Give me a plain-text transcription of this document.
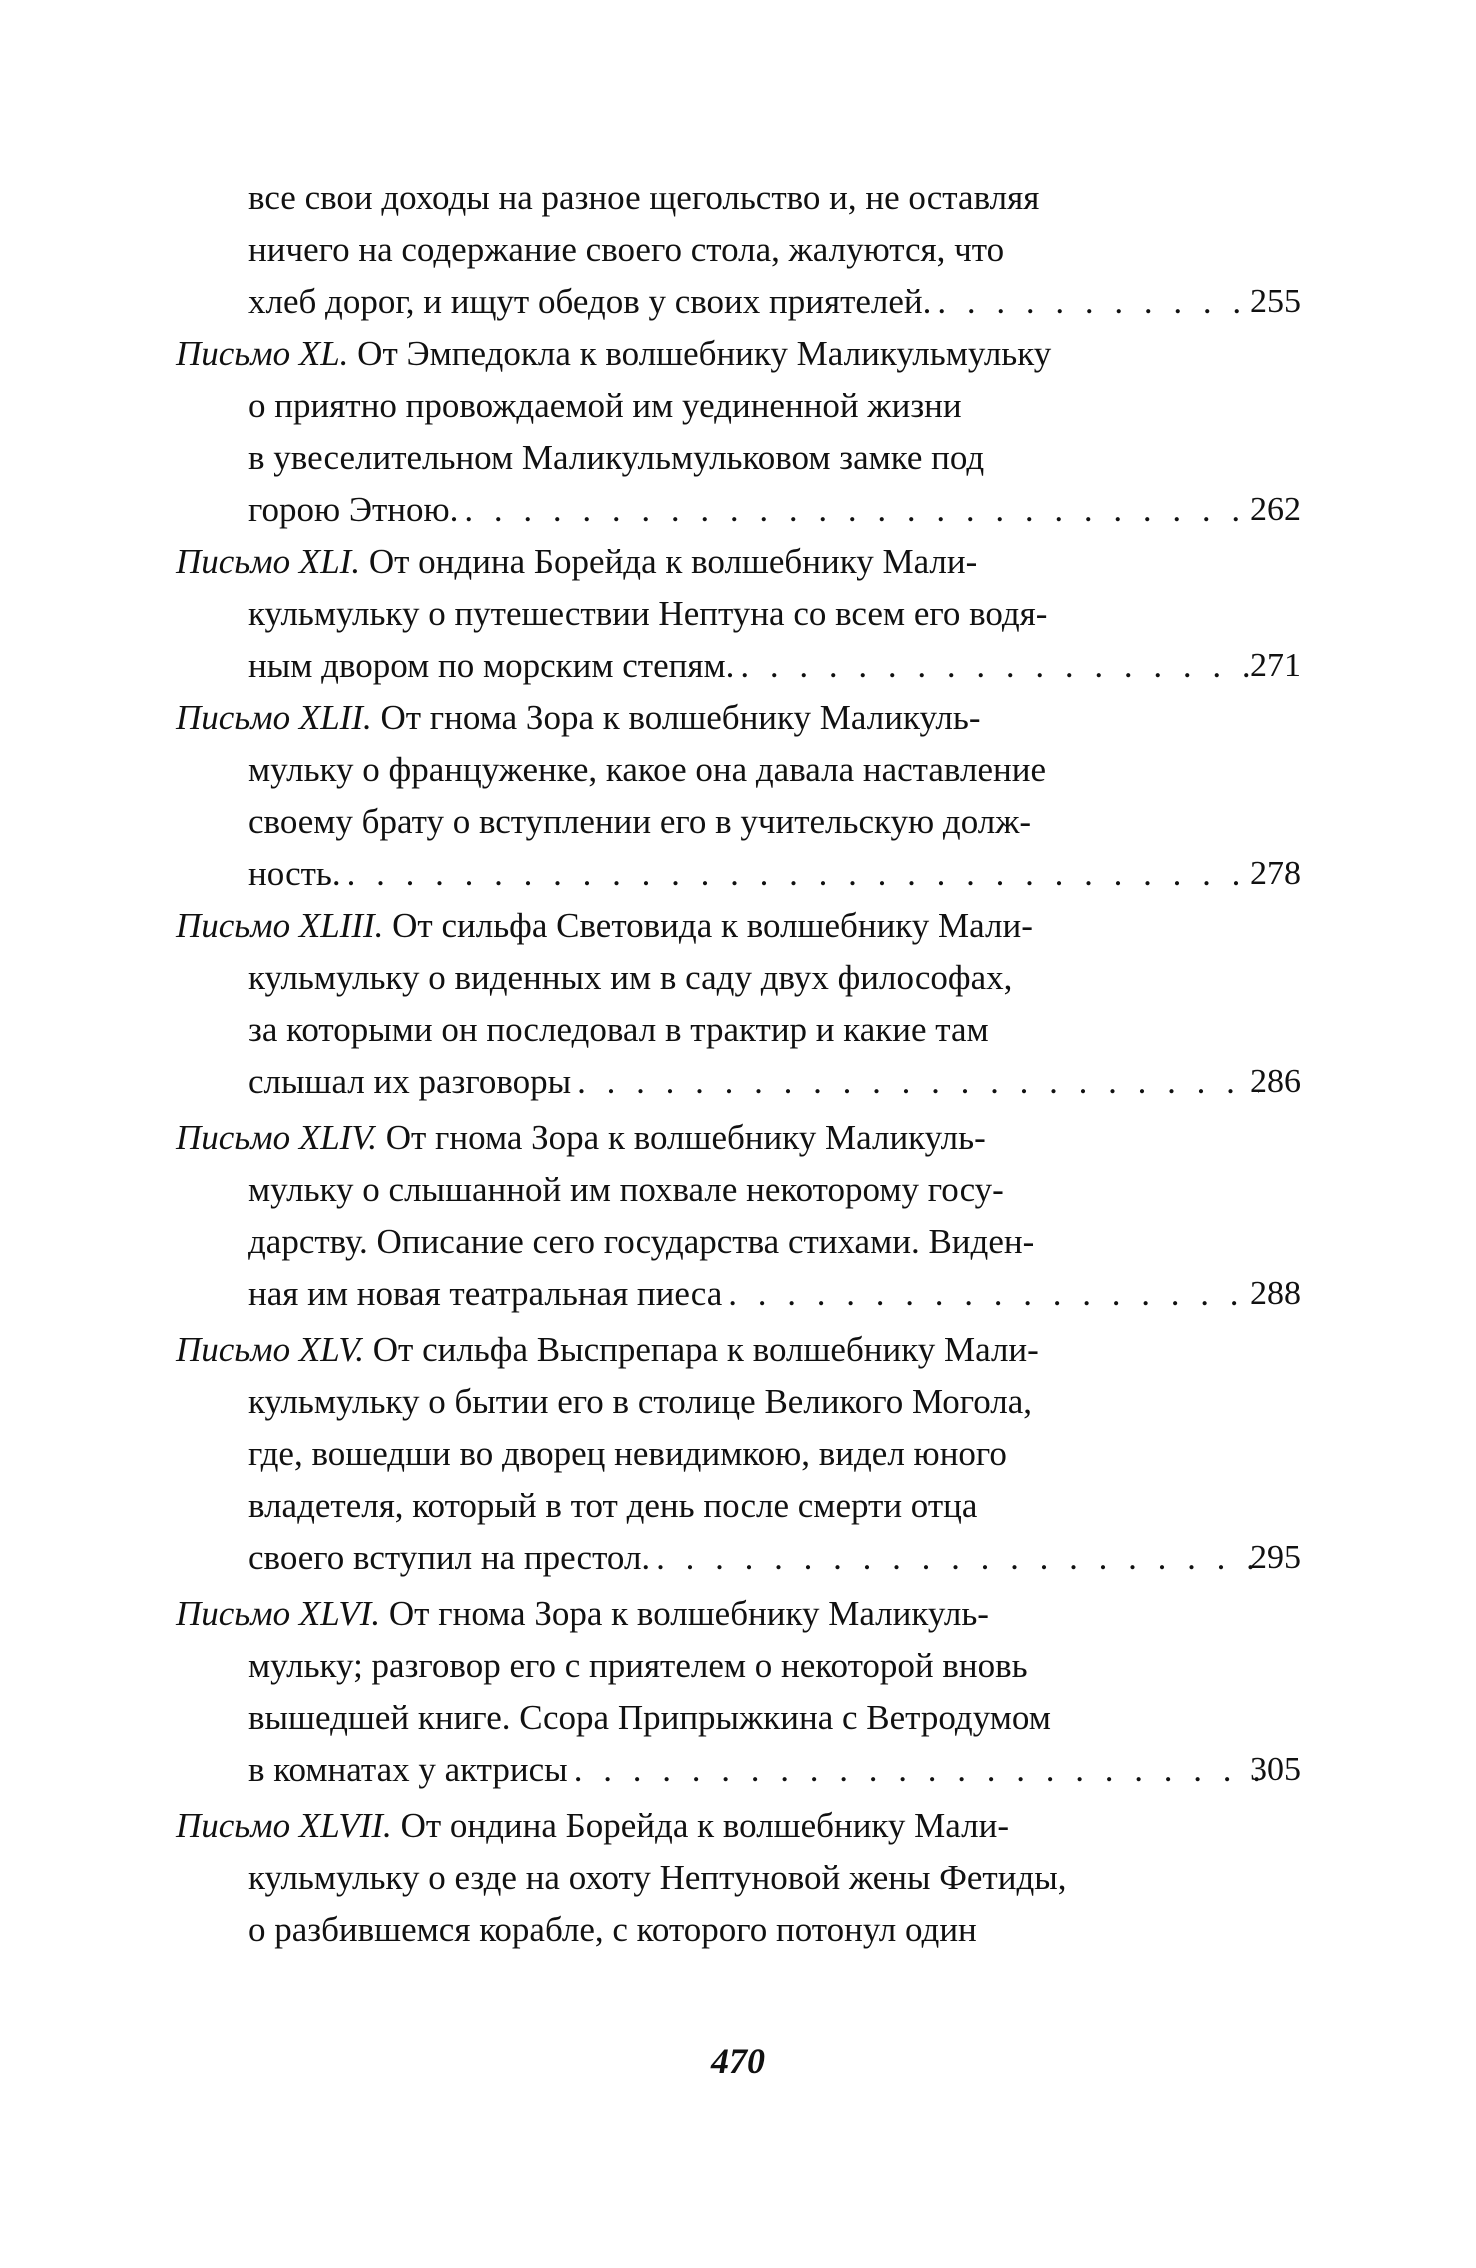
все свои доходы на разное щегольство и, не оставляя
ничего на содержание своего стола, жалуются, что
хлеб дорог, и ищут обедов у своих приятелей. . . .	255
Письмо XL. От Эмпедокла к волшебнику Маликульмульку
о приятно провождаемой им уединенной жизни
в увеселительном Маликульмульковом замке под
горою Этною. . . .	262
Письмо XLI. От ондина Борейда к волшебнику Мали-
кульмульку о путешествии Нептуна со всем его водя-
ным двором по морским степям. . . .	271
Письмо XLII. От гнома Зора к волшебнику Маликуль-
мульку о француженке, какое она давала наставление
своему брату о вступлении его в учительскую долж-
ность. . . .	278
Письмо XLIII. От сильфа Световида к волшебнику Мали-
кульмульку о виденных им в саду двух философах,
за которыми он последовал в трактир и какие там
слышал их разговоры . . .	286
Письмо XLIV. От гнома Зора к волшебнику Маликуль-
мульку о слышанной им похвале некоторому госу-
дарству. Описание сего государства стихами. Виден-
ная им новая театральная пиеса . . .	288
Письмо XLV. От сильфа Выспрепара к волшебнику Мали-
кульмульку о бытии его в столице Великого Могола,
где, вошедши во дворец невидимкою, видел юного
владетеля, который в тот день после смерти отца
своего вступил на престол. . . .	295
Письмо XLVI. От гнома Зора к волшебнику Маликуль-
мульку; разговор его с приятелем о некоторой вновь
вышедшей книге. Ссора Припрыжкина с Ветродумом
в комнатах у актрисы . . .	305
Письмо XLVII. От ондина Борейда к волшебнику Мали-
кульмульку о езде на охоту Нептуновой жены Фетиды,
о разбившемся корабле, с которого потонул один
470
